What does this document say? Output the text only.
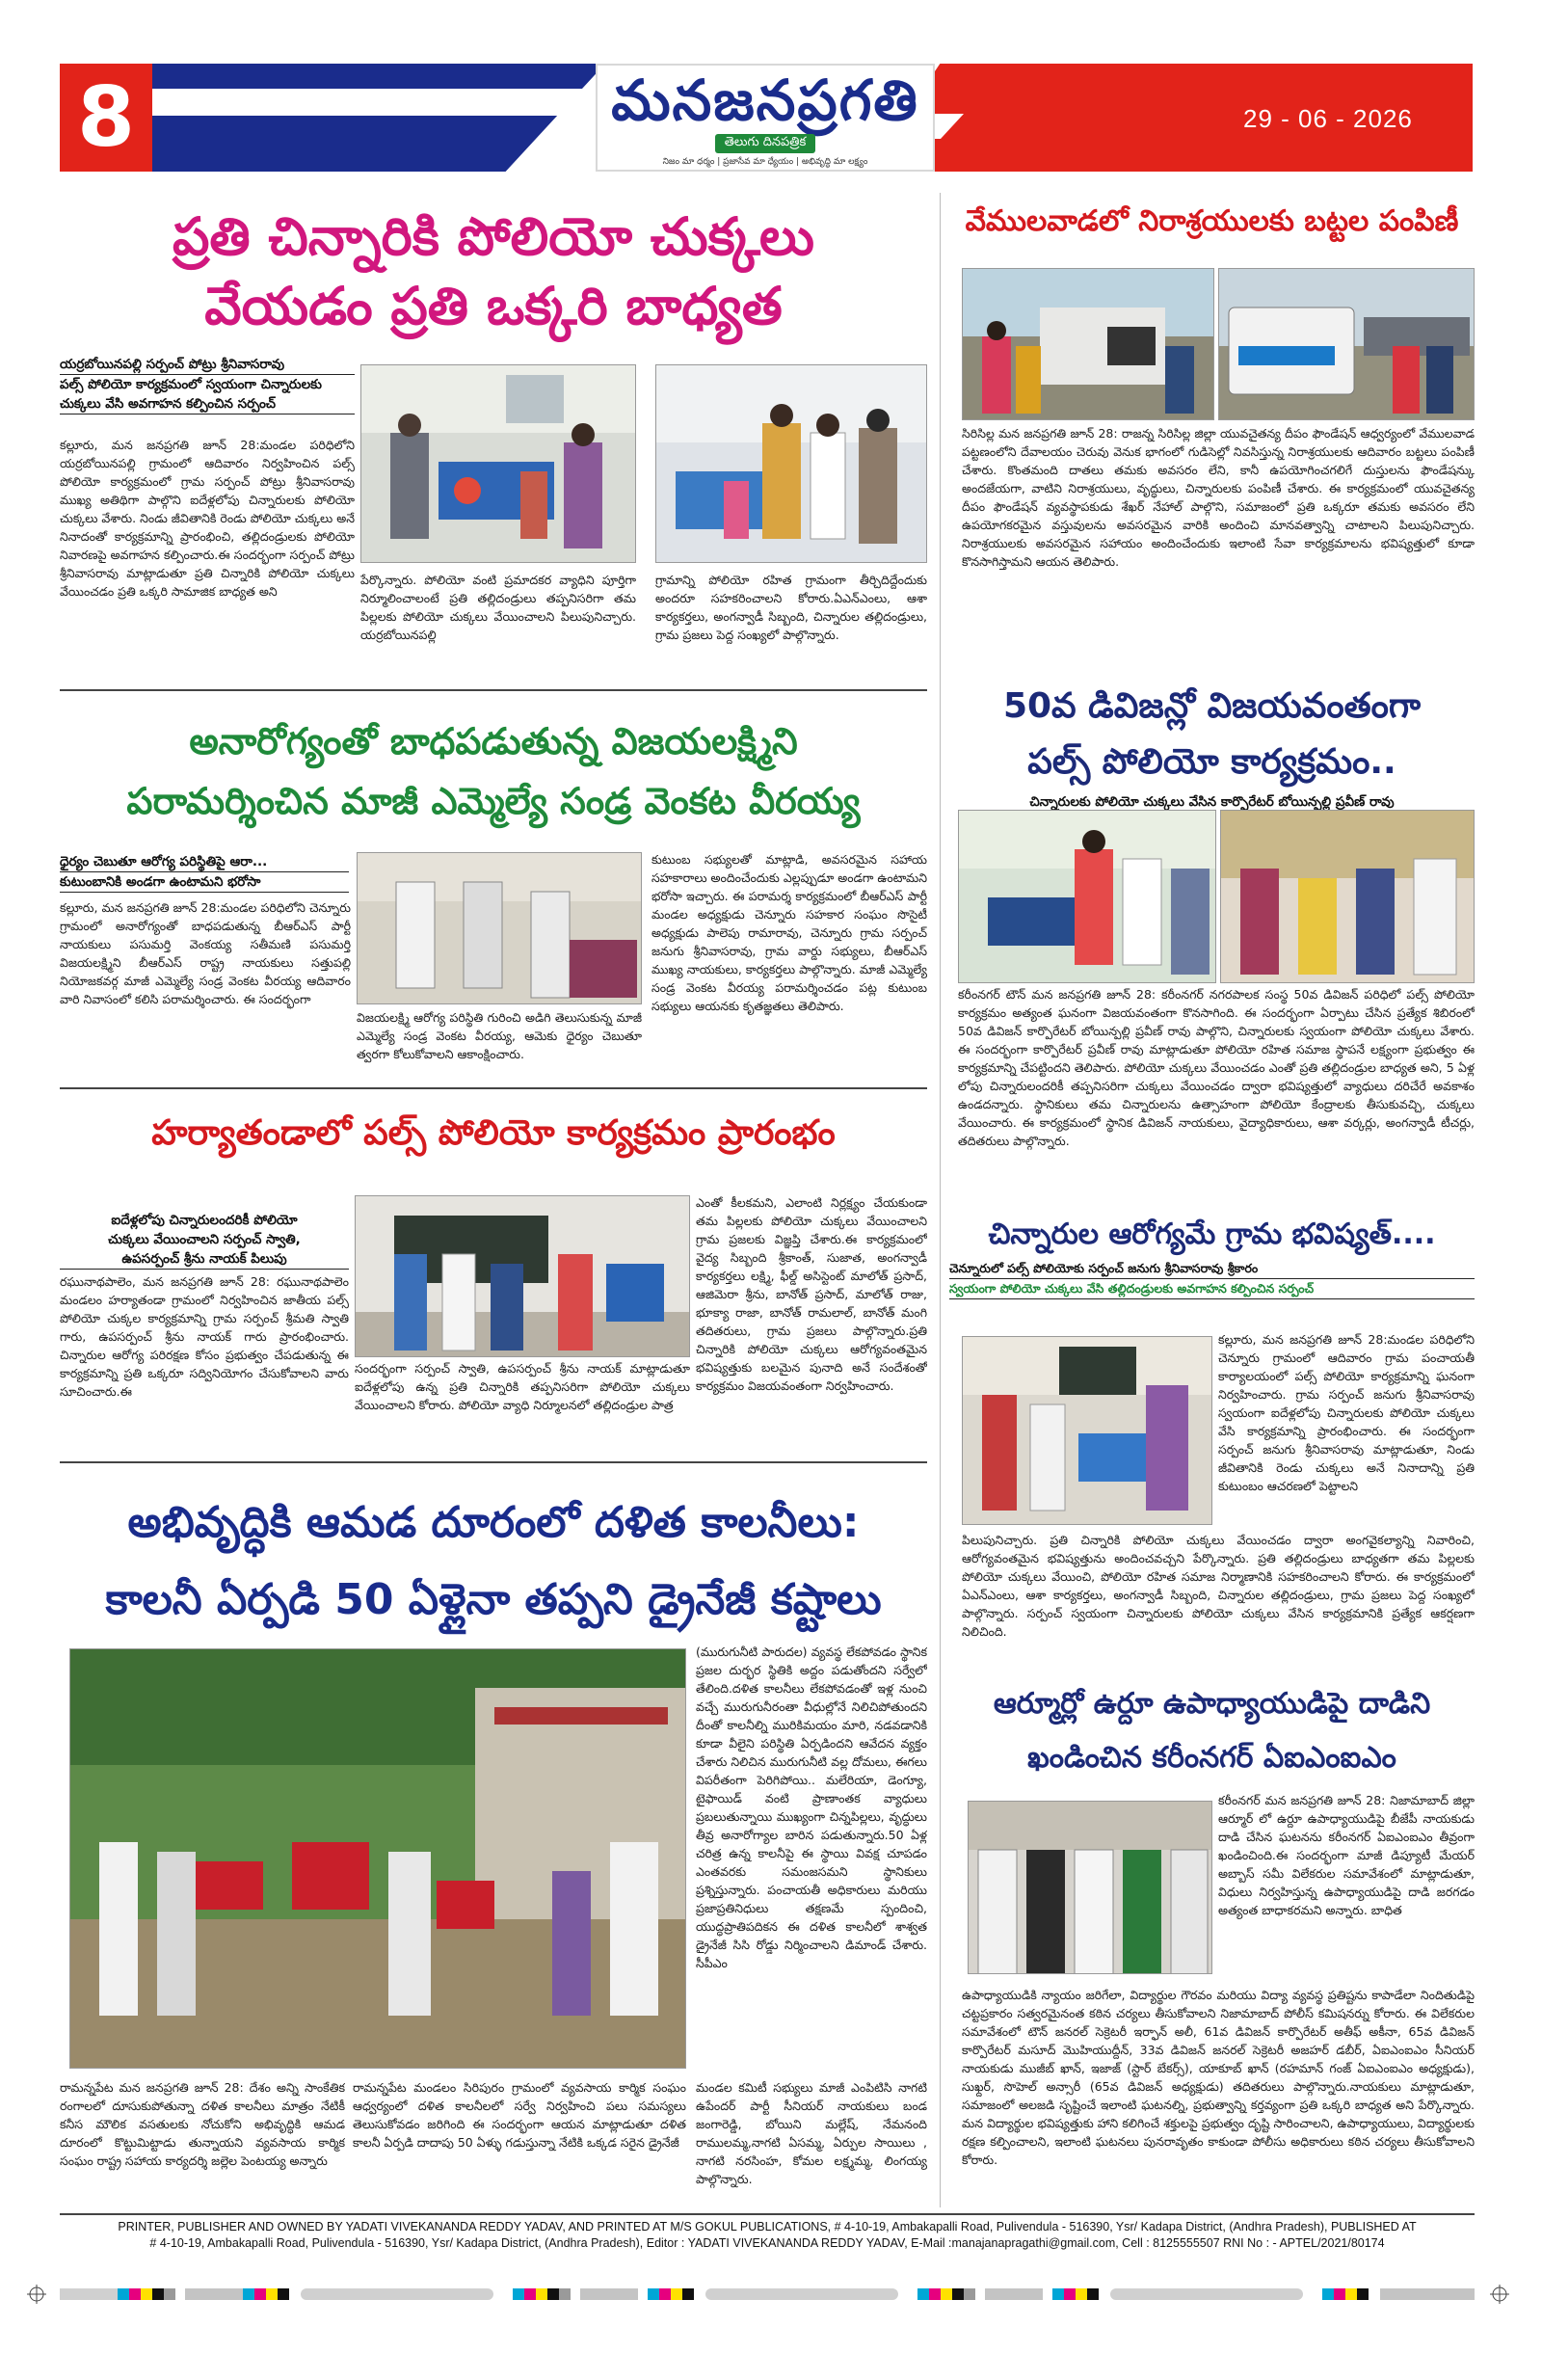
8	మనజనప్రగతి
తెలుగు దినపత్రిక
నిజం మా ధర్మం | ప్రజాసేవ మా ధ్యేయం | అభివృద్ధి మా లక్ష్యం
29 - 06 - 2026
ప్రతి చిన్నారికి పోలియో చుక్కలు
వేయడం ప్రతి ఒక్కరి బాధ్యత
యర్రబోయినపల్లి సర్పంచ్ పోట్రు శ్రీనివాసరావు
పల్స్ పోలియో కార్యక్రమంలో స్వయంగా చిన్నారులకు చుక్కలు వేసి అవగాహన కల్పించిన సర్పంచ్
కల్లూరు, మన జనప్రగతి జూన్ 28:మండల పరిధిలోని యర్రబోయినపల్లి గ్రామంలో ఆదివారం నిర్వహించిన పల్స్ పోలియో కార్యక్రమంలో గ్రామ సర్పంచ్ పోట్రు శ్రీనివాసరావు ముఖ్య అతిథిగా పాల్గొని ఐదేళ్లలోపు చిన్నారులకు పోలియో చుక్కలు వేశారు. నిండు జీవితానికి రెండు పోలియో చుక్కలు అనే నినాదంతో కార్యక్రమాన్ని ప్రారంభించి, తల్లిదండ్రులకు పోలియో నివారణపై అవగాహన కల్పించారు.ఈ సందర్భంగా సర్పంచ్ పోట్రు శ్రీనివాసరావు మాట్లాడుతూ ప్రతి చిన్నారికి పోలియో చుక్కలు వేయించడం ప్రతి ఒక్కరి సామాజిక బాధ్యత అని
పేర్కొన్నారు. పోలియో వంటి ప్రమాదకర వ్యాధిని పూర్తిగా నిర్మూలించాలంటే ప్రతి తల్లిదండ్రులు తప్పనిసరిగా తమ పిల్లలకు పోలియో చుక్కలు వేయించాలని పిలుపునిచ్చారు. యర్రబోయినపల్లి
గ్రామాన్ని పోలియో రహిత గ్రామంగా తీర్చిదిద్దేందుకు అందరూ సహకరించాలని కోరారు.ఏఎన్ఎంలు, ఆశా కార్యకర్తలు, అంగన్వాడీ సిబ్బంది, చిన్నారుల తల్లిదండ్రులు, గ్రామ ప్రజలు పెద్ద సంఖ్యలో పాల్గొన్నారు.
వేములవాడలో నిరాశ్రయులకు బట్టల పంపిణీ
సిరిసిల్ల మన జనప్రగతి జూన్ 28: రాజన్న సిరిసిల్ల జిల్లా యువచైతన్య దీపం ఫౌండేషన్ ఆధ్వర్యంలో వేములవాడ పట్టణంలోని దేవాలయం చెరువు వెనుక భాగంలో గుడిసెల్లో నివసిస్తున్న నిరాశ్రయులకు ఆదివారం బట్టలు పంపిణీ చేశారు. కొంతమంది దాతలు తమకు అవసరం లేని, కానీ ఉపయోగించగలిగే దుస్తులను ఫౌండేషన్కు అందజేయగా, వాటిని నిరాశ్రయులు, వృద్ధులు, చిన్నారులకు పంపిణీ చేశారు. ఈ కార్యక్రమంలో యువచైతన్య దీపం ఫౌండేషన్ వ్యవస్థాపకుడు శేఖర్ నేహాల్ పాల్గొని, సమాజంలో ప్రతి ఒక్కరూ తమకు అవసరం లేని ఉపయోగకరమైన వస్తువులను అవసరమైన వారికి అందించి మానవత్వాన్ని చాటాలని పిలుపునిచ్చారు. నిరాశ్రయులకు అవసరమైన సహాయం అందించేందుకు ఇలాంటి సేవా కార్యక్రమాలను భవిష్యత్తులో కూడా కొనసాగిస్తామని ఆయన తెలిపారు.
50వ డివిజన్లో విజయవంతంగా
పల్స్ పోలియో కార్యక్రమం..
చిన్నారులకు పోలియో చుక్కలు వేసిన కార్పొరేటర్ బోయిన్పల్లి ప్రవీణ్ రావు
కరీంనగర్ టౌన్ మన జనప్రగతి జూన్ 28: కరీంనగర్ నగరపాలక సంస్థ 50వ డివిజన్ పరిధిలో పల్స్ పోలియో కార్యక్రమం అత్యంత ఘనంగా విజయవంతంగా కొనసాగింది. ఈ సందర్భంగా ఏర్పాటు చేసిన ప్రత్యేక శిబిరంలో 50వ డివిజన్ కార్పొరేటర్ బోయిన్పల్లి ప్రవీణ్ రావు పాల్గొని, చిన్నారులకు స్వయంగా పోలియో చుక్కలు వేశారు. ఈ సందర్భంగా కార్పొరేటర్ ప్రవీణ్ రావు మాట్లాడుతూ పోలియో రహిత సమాజ స్థాపనే లక్ష్యంగా ప్రభుత్వం ఈ కార్యక్రమాన్ని చేపట్టిందని తెలిపారు. పోలియో చుక్కలు వేయించడం ఎంతో ప్రతి తల్లిదండ్రుల బాధ్యత అని, 5 ఏళ్ల లోపు చిన్నారులందరికీ తప్పనిసరిగా చుక్కలు వేయించడం ద్వారా భవిష్యత్తులో వ్యాధులు దరిచేరే అవకాశం ఉండదన్నారు. స్థానికులు తమ చిన్నారులను ఉత్సాహంగా పోలియో కేంద్రాలకు తీసుకువచ్చి, చుక్కలు వేయించారు. ఈ కార్యక్రమంలో స్థానిక డివిజన్ నాయకులు, వైద్యాధికారులు, ఆశా వర్కర్లు, అంగన్వాడీ టీచర్లు, తదితరులు పాల్గొన్నారు.
అనారోగ్యంతో బాధపడుతున్న విజయలక్ష్మిని
పరామర్శించిన మాజీ ఎమ్మెల్యే సండ్ర వెంకట వీరయ్య
ధైర్యం చెబుతూ ఆరోగ్య పరిస్థితిపై ఆరా...
కుటుంబానికి అండగా ఉంటామని భరోసా
కల్లూరు, మన జనప్రగతి జూన్ 28:మండల పరిధిలోని చెన్నూరు గ్రామంలో అనారోగ్యంతో బాధపడుతున్న బీఆర్ఎస్ పార్టీ నాయకులు పసుమర్తి వెంకయ్య సతీమణి పసుమర్తి విజయలక్ష్మిని బీఆర్ఎస్ రాష్ట్ర నాయకులు సత్తుపల్లి నియోజకవర్గ మాజీ ఎమ్మెల్యే సండ్ర వెంకట వీరయ్య ఆదివారం వారి నివాసంలో కలిసి పరామర్శించారు. ఈ సందర్భంగా
విజయలక్ష్మి ఆరోగ్య పరిస్థితి గురించి అడిగి తెలుసుకున్న మాజీ ఎమ్మెల్యే సండ్ర వెంకట వీరయ్య, ఆమెకు ధైర్యం చెబుతూ త్వరగా కోలుకోవాలని ఆకాంక్షించారు.
కుటుంబ సభ్యులతో మాట్లాడి, అవసరమైన సహాయ సహకారాలు అందించేందుకు ఎల్లప్పుడూ అండగా ఉంటామని భరోసా ఇచ్చారు. ఈ పరామర్శ కార్యక్రమంలో బీఆర్ఎస్ పార్టీ మండల అధ్యక్షుడు చెన్నూరు సహకార సంఘం సొసైటీ అధ్యక్షుడు పాలెపు రామారావు, చెన్నూరు గ్రామ సర్పంచ్ జనుగు శ్రీనివాసరావు, గ్రామ వార్డు సభ్యులు, బీఆర్ఎస్ ముఖ్య నాయకులు, కార్యకర్తలు పాల్గొన్నారు. మాజీ ఎమ్మెల్యే సండ్ర వెంకట వీరయ్య పరామర్శించడం పట్ల కుటుంబ సభ్యులు ఆయనకు కృతజ్ఞతలు తెలిపారు.
హర్యాతండాలో పల్స్ పోలియో కార్యక్రమం ప్రారంభం
ఐదేళ్లలోపు చిన్నారులందరికీ పోలియో
చుక్కలు వేయించాలని సర్పంచ్ స్వాతి,
ఉపసర్పంచ్ శ్రీను నాయక్ పిలుపు
రఘునాథపాలెం, మన జనప్రగతి జూన్ 28: రఘునాథపాలెం మండలం హర్యాతండా గ్రామంలో నిర్వహించిన జాతీయ పల్స్ పోలియో చుక్కల కార్యక్రమాన్ని గ్రామ సర్పంచ్ శ్రీమతి స్వాతి గారు, ఉపసర్పంచ్ శ్రీను నాయక్ గారు ప్రారంభించారు. చిన్నారుల ఆరోగ్య పరిరక్షణ కోసం ప్రభుత్వం చేపడుతున్న ఈ కార్యక్రమాన్ని ప్రతి ఒక్కరూ సద్వినియోగం చేసుకోవాలని వారు సూచించారు.ఈ
సందర్భంగా సర్పంచ్ స్వాతి, ఉపసర్పంచ్ శ్రీను నాయక్ మాట్లాడుతూ ఐదేళ్లలోపు ఉన్న ప్రతి చిన్నారికి తప్పనిసరిగా పోలియో చుక్కలు వేయించాలని కోరారు. పోలియో వ్యాధి నిర్మూలనలో తల్లిదండ్రుల పాత్ర
ఎంతో కీలకమని, ఎలాంటి నిర్లక్ష్యం చేయకుండా తమ పిల్లలకు పోలియో చుక్కలు వేయించాలని గ్రామ ప్రజలకు విజ్ఞప్తి చేశారు.ఈ కార్యక్రమంలో వైద్య సిబ్బంది శ్రీకాంత్, సుజాత, అంగన్వాడీ కార్యకర్తలు లక్ష్మి, ఫీల్డ్ అసిస్టెంట్ మాలోత్ ప్రసాద్, ఆజిమెరా శ్రీను, బానోత్ ప్రసాద్, మాలోత్ రాజు, భూక్యా రాజా, బానోత్ రామలాల్, బానోత్ మంగి తదితరులు, గ్రామ ప్రజలు పాల్గొన్నారు.ప్రతి చిన్నారికి పోలియో చుక్కలు ఆరోగ్యవంతమైన భవిష్యత్తుకు బలమైన పునాది అనే సందేశంతో కార్యక్రమం విజయవంతంగా నిర్వహించారు.
చిన్నారుల ఆరోగ్యమే గ్రామ భవిష్యత్....
చెన్నూరులో పల్స్ పోలియోకు సర్పంచ్ జనుగు శ్రీనివాసరావు శ్రీకారం
స్వయంగా పోలియో చుక్కలు వేసి తల్లిదండ్రులకు అవగాహన కల్పించిన సర్పంచ్
కల్లూరు, మన జనప్రగతి జూన్ 28:మండల పరిధిలోని చెన్నూరు గ్రామంలో ఆదివారం గ్రామ పంచాయతీ కార్యాలయంలో పల్స్ పోలియో కార్యక్రమాన్ని ఘనంగా నిర్వహించారు. గ్రామ సర్పంచ్ జనుగు శ్రీనివాసరావు స్వయంగా ఐదేళ్లలోపు చిన్నారులకు పోలియో చుక్కలు వేసి కార్యక్రమాన్ని ప్రారంభించారు. ఈ సందర్భంగా సర్పంచ్ జనుగు శ్రీనివాసరావు మాట్లాడుతూ, నిండు జీవితానికి రెండు చుక్కలు అనే నినాదాన్ని ప్రతి కుటుంబం ఆచరణలో పెట్టాలని
పిలుపునిచ్చారు. ప్రతి చిన్నారికి పోలియో చుక్కలు వేయించడం ద్వారా అంగవైకల్యాన్ని నివారించి, ఆరోగ్యవంతమైన భవిష్యత్తును అందించవచ్చని పేర్కొన్నారు. ప్రతి తల్లిదండ్రులు బాధ్యతగా తమ పిల్లలకు పోలియో చుక్కలు వేయించి, పోలియో రహిత సమాజ నిర్మాణానికి సహకరించాలని కోరారు. ఈ కార్యక్రమంలో ఏఎన్ఎంలు, ఆశా కార్యకర్తలు, అంగన్వాడీ సిబ్బంది, చిన్నారుల తల్లిదండ్రులు, గ్రామ ప్రజలు పెద్ద సంఖ్యలో పాల్గొన్నారు. సర్పంచ్ స్వయంగా చిన్నారులకు పోలియో చుక్కలు వేసిన కార్యక్రమానికి ప్రత్యేక ఆకర్షణగా నిలిచింది.
అభివృద్ధికి ఆమడ దూరంలో దళిత కాలనీలు:
కాలనీ ఏర్పడి 50 ఏళ్లైనా తప్పని డ్రైనేజీ కష్టాలు
(మురుగునీటి పారుదల) వ్యవస్థ లేకపోవడం స్థానిక ప్రజల దుర్భర స్థితికి అద్దం పడుతోందని సర్వేలో తేలింది.దళిత కాలనీలు లేకపోవడంతో ఇళ్ల నుంచి వచ్చే మురుగునీరంతా వీధుల్లోనే నిలిచిపోతుందని దీంతో కాలనీల్ని మురికిమయం మారి, నడవడానికి కూడా వీలైని పరిస్థితి ఏర్పడిందని ఆవేదన వ్యక్తం చేశారు నిలిచిన మురుగునీటి వల్ల దోమలు, ఈగలు విపరీతంగా పెరిగిపోయి.. మలేరియా, డెంగ్యూ, టైఫాయిడ్ వంటి ప్రాణాంతక వ్యాధులు ప్రబలుతున్నాయి ముఖ్యంగా చిన్నపిల్లలు, వృద్ధులు తీవ్ర అనారోగ్యాల బారిన పడుతున్నారు.50 ఏళ్ల చరిత్ర ఉన్న కాలనీపై ఈ స్థాయి వివక్ష చూపడం ఎంతవరకు సమంజసమని స్థానికులు ప్రశ్నిస్తున్నారు. పంచాయతీ అధికారులు మరియు ప్రజాప్రతినిధులు తక్షణమే స్పందించి, యుద్ధప్రాతిపదికన ఈ దళిత కాలనీలో శాశ్వత డ్రైనేజీ సిసి రోడ్డు నిర్మించాలని డిమాండ్ చేశారు. సీపీఎం
రామన్నపేట మన జనప్రగతి జూన్ 28: దేశం అన్ని సాంకేతిక రంగాలలో దూసుకుపోతున్నా దళిత కాలనీలు మాత్రం నేటికీ కనీస మౌలిక వసతులకు నోచుకోని అభివృద్ధికి ఆమడ దూరంలో కొట్టుమిట్టాడు తున్నాయని వ్యవసాయ కార్మిక సంఘం రాష్ట్ర సహాయ కార్యదర్శి జల్లెల పెంటయ్య అన్నారు
రామన్నపేట మండలం సిరిపురం గ్రామంలో వ్యవసాయ కార్మిక సంఘం ఆధ్వర్యంలో దళిత కాలనీలలో సర్వే నిర్వహించి పలు సమస్యలు తెలుసుకోవడం జరిగింది ఈ సందర్భంగా ఆయన మాట్లాడుతూ దళిత కాలనీ ఏర్పడి దాదాపు 50 ఏళ్ళు గడుస్తున్నా నేటికి ఒక్కడ సరైన డ్రైనేజీ
మండల కమిటీ సభ్యులు మాజీ ఎంపిటిసి నాగటి ఉపేందర్ పార్టీ సీనియర్ నాయకులు బండ జంగారెడ్డి, బోయిని మల్లేష్, నేమనంది రాములమ్మ,నాగటి ఏసమ్మ, ఏర్పుల సాయిలు , నాగటి నరసింహ, కోమల లక్ష్మమ్మ, లింగయ్య పాల్గొన్నారు.
ఆర్మూర్లో ఉర్దూ ఉపాధ్యాయుడిపై దాడిని
ఖండించిన కరీంనగర్ ఏఐఎంఐఎం
కరీంనగర్ మన జనప్రగతి జూన్ 28: నిజామాబాద్ జిల్లా ఆర్మూర్ లో ఉర్దూ ఉపాధ్యాయుడిపై బీజేపీ నాయకుడు దాడి చేసిన ఘటనను కరీంనగర్ ఏఐఎంఐఎం తీవ్రంగా ఖండించింది.ఈ సందర్భంగా మాజీ డిప్యూటీ మేయర్ అబ్బాస్ సమీ విలేకరుల సమావేశంలో మాట్లాడుతూ, విధులు నిర్వహిస్తున్న ఉపాధ్యాయుడిపై దాడి జరగడం అత్యంత బాధాకరమని అన్నారు. బాధిత
ఉపాధ్యాయుడికి న్యాయం జరిగేలా, విద్యార్థుల గౌరవం మరియు విద్యా వ్యవస్థ ప్రతిష్టను కాపాడేలా నిందితుడిపై చట్టప్రకారం సత్వరమైనంత కఠిన చర్యలు తీసుకోవాలని నిజామాబాద్ పోలీస్ కమిషనర్ను కోరారు. ఈ విలేకరుల సమావేశంలో టౌన్ జనరల్ సెక్రెటరీ ఇర్ఫాన్ అలీ, 61వ డివిజన్ కార్పొరేటర్ అతీఫ్ అకీనా, 65వ డివిజన్ కార్పొరేటర్ మసూద్ మొహియుద్దీన్, 33వ డివిజన్ జనరల్ సెక్రెటరీ అజహర్ డబీర్, ఏఐఎంఐఎం సీనియర్ నాయకుడు ముజీబ్ ఖాన్, ఇజాజ్ (స్టార్ బేకర్స్), యాకూబ్ ఖాన్ (రహమాన్ గంజ్ ఏఐఎంఐఎం అధ్యక్షుడు), సుఖ్దర్, సొహెల్ అన్సారీ (65వ డివిజన్ అధ్యక్షుడు) తదితరులు పాల్గొన్నారు.నాయకులు మాట్లాడుతూ, సమాజంలో అలజడి సృష్టించే ఇలాంటి ఘటనల్ని, ప్రభుత్వాన్ని కర్తవ్యంగా ప్రతి ఒక్కరి బాధ్యత అని పేర్కొన్నారు. మన విద్యార్థుల భవిష్యత్తుకు హాని కలిగించే శక్తులపై ప్రభుత్వం దృష్టి సారించాలని, ఉపాధ్యాయులు, విద్యార్థులకు రక్షణ కల్పించాలని, ఇలాంటి ఘటనలు పునరావృతం కాకుండా పోలీసు అధికారులు కఠిన చర్యలు తీసుకోవాలని కోరారు.
PRINTER, PUBLISHER AND OWNED BY YADATI VIVEKANANDA REDDY YADAV, AND PRINTED AT M/S GOKUL PUBLICATIONS, # 4-10-19, Ambakapalli Road, Pulivendula - 516390, Ysr/ Kadapa District, (Andhra Pradesh), PUBLISHED AT
# 4-10-19, Ambakapalli Road, Pulivendula - 516390, Ysr/ Kadapa District, (Andhra Pradesh), Editor : YADATI VIVEKANANDA REDDY YADAV, E-Mail :manajanapragathi@gmail.com, Cell : 8125555507 RNI No : - APTEL/2021/80174
